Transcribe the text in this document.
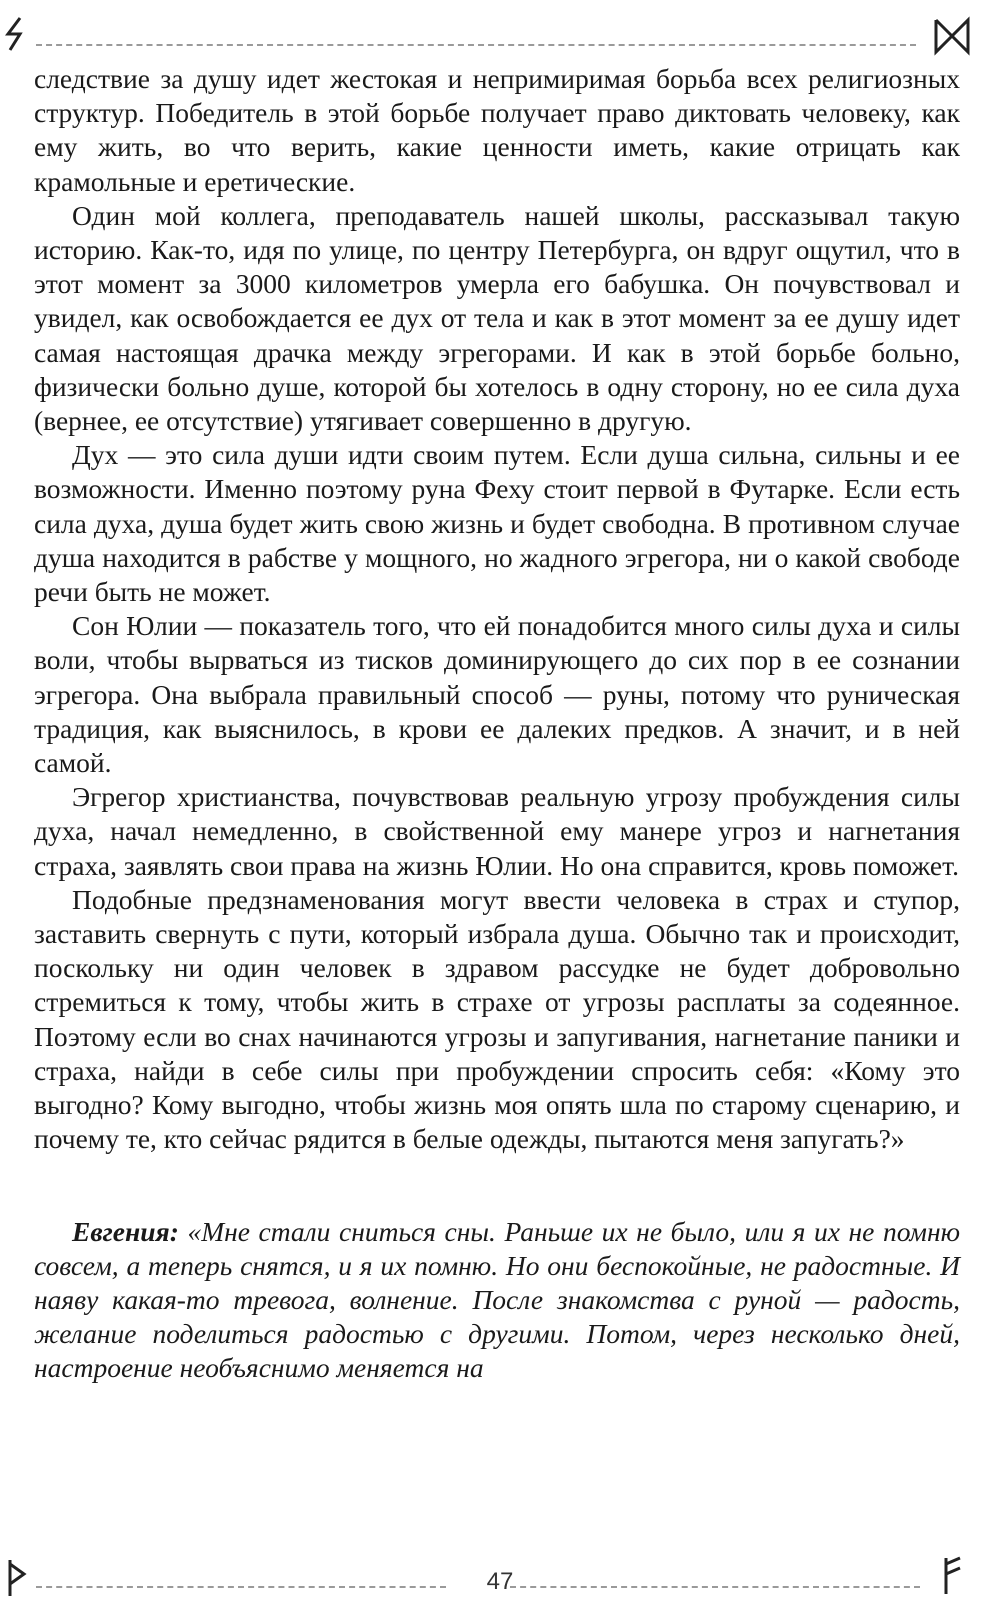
следствие за душу идет жестокая и непримиримая борьба всех религиозных структур. Победитель в этой борьбе получает право диктовать человеку, как ему жить, во что верить, какие ценности иметь, какие отрицать как крамольные и еретические.

Один мой коллега, преподаватель нашей школы, рассказывал такую историю. Как-то, идя по улице, по центру Петербурга, он вдруг ощутил, что в этот момент за 3000 километров умерла его бабушка. Он почувствовал и увидел, как освобождается ее дух от тела и как в этот момент за ее душу идет самая настоящая драчка между эгрегорами. И как в этой борьбе больно, физически больно душе, которой бы хотелось в одну сторону, но ее сила духа (вернее, ее отсутствие) утягивает совершенно в другую.

Дух — это сила души идти своим путем. Если душа сильна, сильны и ее возможности. Именно поэтому руна Феху стоит первой в Футарке. Если есть сила духа, душа будет жить свою жизнь и будет свободна. В противном случае душа находится в рабстве у мощного, но жадного эгрегора, ни о какой свободе речи быть не может.

Сон Юлии — показатель того, что ей понадобится много силы духа и силы воли, чтобы вырваться из тисков доминирующего до сих пор в ее сознании эгрегора. Она выбрала правильный способ — руны, потому что руническая традиция, как выяснилось, в крови ее далеких предков. А значит, и в ней самой.

Эгрегор христианства, почувствовав реальную угрозу пробуждения силы духа, начал немедленно, в свойственной ему манере угроз и нагнетания страха, заявлять свои права на жизнь Юлии. Но она справится, кровь поможет.

Подобные предзнаменования могут ввести человека в страх и ступор, заставить свернуть с пути, который избрала душа. Обычно так и происходит, поскольку ни один человек в здравом рассудке не будет добровольно стремиться к тому, чтобы жить в страхе от угрозы расплаты за содеянное. Поэтому если во снах начинаются угрозы и запугивания, нагнетание паники и страха, найди в себе силы при пробуждении спросить себя: «Кому это выгодно? Кому выгодно, чтобы жизнь моя опять шла по старому сценарию, и почему те, кто сейчас рядится в белые одежды, пытаются меня запугать?»

Евгения: «Мне стали сниться сны. Раньше их не было, или я их не помню совсем, а теперь снятся, и я их помню. Но они беспокойные, не радостные. И наяву какая-то тревога, волнение. После знакомства с руной — радость, желание поделиться радостью с другими. Потом, через несколько дней, настроение необъяснимо меняется на
47
